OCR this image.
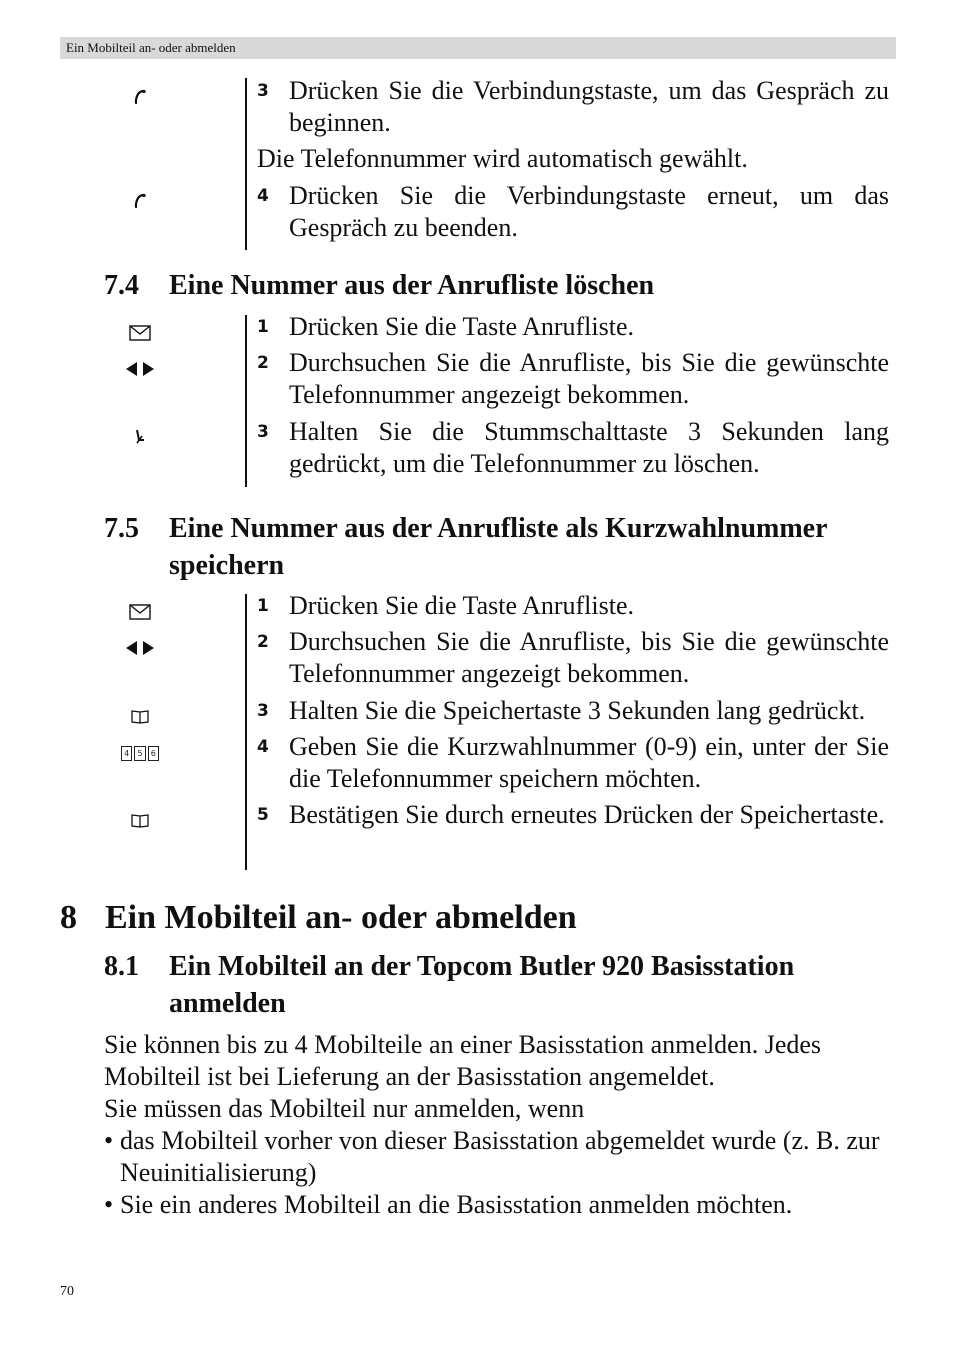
Ein Mobilteil an- oder abmelden
3 Drücken Sie die Verbindungstaste, um das Gespräch zu beginnen.
Die Telefonnummer wird automatisch gewählt.
4 Drücken Sie die Verbindungstaste erneut, um das Gespräch zu beenden.
7.4 Eine Nummer aus der Anrufliste löschen
1 Drücken Sie die Taste Anrufliste.
2 Durchsuchen Sie die Anrufliste, bis Sie die gewünschte Telefonnummer angezeigt bekommen.
3 Halten Sie die Stummschalttaste 3 Sekunden lang gedrückt, um die Telefonnummer zu löschen.
7.5 Eine Nummer aus der Anrufliste als Kurzwahlnummer speichern
4	5	6
1 Drücken Sie die Taste Anrufliste.
2 Durchsuchen Sie die Anrufliste, bis Sie die gewünschte Telefonnummer angezeigt bekommen.
3 Halten Sie die Speichertaste 3 Sekunden lang gedrückt.
4 Geben Sie die Kurzwahlnummer (0-9) ein, unter der Sie die Telefonnummer speichern möchten.
5 Bestätigen Sie durch erneutes Drücken der Speichertaste.
8 Ein Mobilteil an- oder abmelden
8.1 Ein Mobilteil an der Topcom Butler 920 Basisstation anmelden
Sie können bis zu 4 Mobilteile an einer Basisstation anmelden. Jedes Mobilteil ist bei Lieferung an der Basisstation angemeldet.
Sie müssen das Mobilteil nur anmelden, wenn
• das Mobilteil vorher von dieser Basisstation abgemeldet wurde (z. B. zur Neuinitialisierung)
• Sie ein anderes Mobilteil an die Basisstation anmelden möchten.
70
